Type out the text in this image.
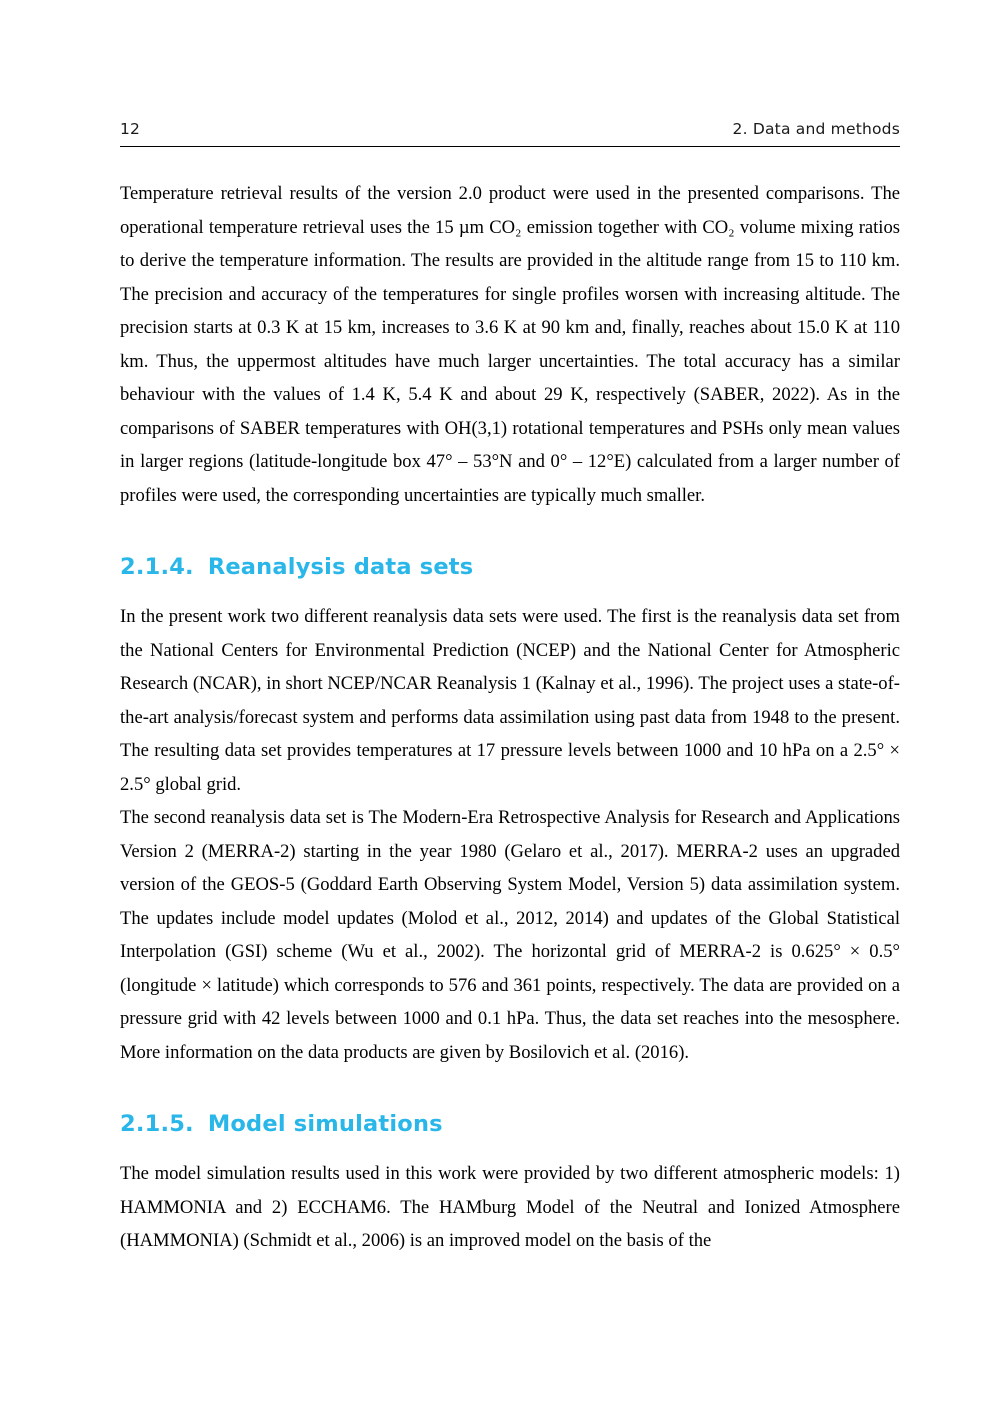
12	2. Data and methods

Temperature retrieval results of the version 2.0 product were used in the presented comparisons. The operational temperature retrieval uses the 15 µm CO₂ emission together with CO₂ volume mixing ratios to derive the temperature information. The results are provided in the altitude range from 15 to 110 km. The precision and accuracy of the temperatures for single profiles worsen with increasing altitude. The precision starts at 0.3 K at 15 km, increases to 3.6 K at 90 km and, finally, reaches about 15.0 K at 110 km. Thus, the uppermost altitudes have much larger uncertainties. The total accuracy has a similar behaviour with the values of 1.4 K, 5.4 K and about 29 K, respectively (SABER, 2022). As in the comparisons of SABER temperatures with OH(3,1) rotational temperatures and PSHs only mean values in larger regions (latitude-longitude box 47° – 53°N and 0° – 12°E) calculated from a larger number of profiles were used, the corresponding uncertainties are typically much smaller.

2.1.4. Reanalysis data sets

In the present work two different reanalysis data sets were used. The first is the reanalysis data set from the National Centers for Environmental Prediction (NCEP) and the National Center for Atmospheric Research (NCAR), in short NCEP/NCAR Reanalysis 1 (Kalnay et al., 1996). The project uses a state-of-the-art analysis/forecast system and performs data assimilation using past data from 1948 to the present. The resulting data set provides temperatures at 17 pressure levels between 1000 and 10 hPa on a 2.5° × 2.5° global grid.

The second reanalysis data set is The Modern-Era Retrospective Analysis for Research and Applications Version 2 (MERRA-2) starting in the year 1980 (Gelaro et al., 2017). MERRA-2 uses an upgraded version of the GEOS-5 (Goddard Earth Observing System Model, Version 5) data assimilation system. The updates include model updates (Molod et al., 2012, 2014) and updates of the Global Statistical Interpolation (GSI) scheme (Wu et al., 2002). The horizontal grid of MERRA-2 is 0.625° × 0.5° (longitude × latitude) which corresponds to 576 and 361 points, respectively. The data are provided on a pressure grid with 42 levels between 1000 and 0.1 hPa. Thus, the data set reaches into the mesosphere. More information on the data products are given by Bosilovich et al. (2016).

2.1.5. Model simulations

The model simulation results used in this work were provided by two different atmospheric models: 1) HAMMONIA and 2) ECCHAM6. The HAMburg Model of the Neutral and Ionized Atmosphere (HAMMONIA) (Schmidt et al., 2006) is an improved model on the basis of the
